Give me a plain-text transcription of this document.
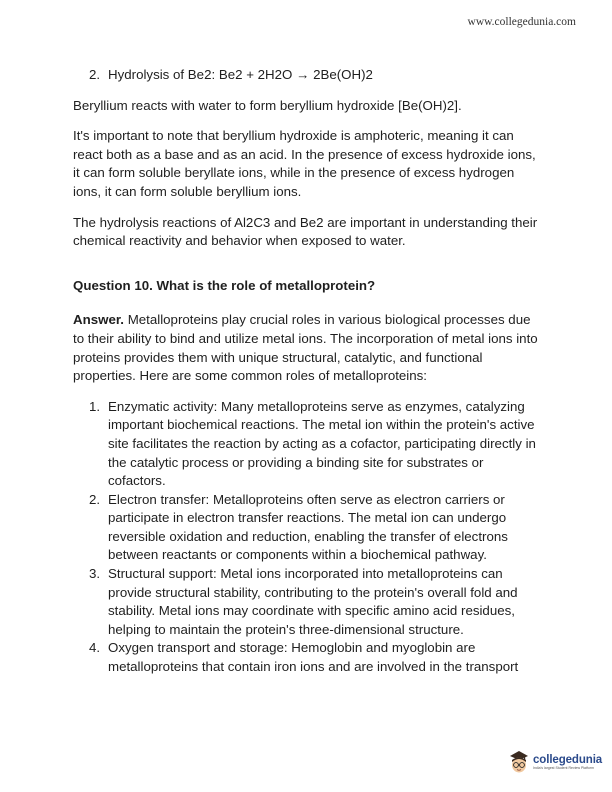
www.collegedunia.com
2. Hydrolysis of Be2: Be2 + 2H2O → 2Be(OH)2

Beryllium reacts with water to form beryllium hydroxide [Be(OH)2].

It's important to note that beryllium hydroxide is amphoteric, meaning it can react both as a base and as an acid. In the presence of excess hydroxide ions, it can form soluble beryllate ions, while in the presence of excess hydrogen ions, it can form soluble beryllium ions.

The hydrolysis reactions of Al2C3 and Be2 are important in understanding their chemical reactivity and behavior when exposed to water.

Question 10. What is the role of metalloprotein?

Answer. Metalloproteins play crucial roles in various biological processes due to their ability to bind and utilize metal ions. The incorporation of metal ions into proteins provides them with unique structural, catalytic, and functional properties. Here are some common roles of metalloproteins:

1. Enzymatic activity: Many metalloproteins serve as enzymes, catalyzing important biochemical reactions. The metal ion within the protein's active site facilitates the reaction by acting as a cofactor, participating directly in the catalytic process or providing a binding site for substrates or cofactors.
2. Electron transfer: Metalloproteins often serve as electron carriers or participate in electron transfer reactions. The metal ion can undergo reversible oxidation and reduction, enabling the transfer of electrons between reactants or components within a biochemical pathway.
3. Structural support: Metal ions incorporated into metalloproteins can provide structural stability, contributing to the protein's overall fold and stability. Metal ions may coordinate with specific amino acid residues, helping to maintain the protein's three-dimensional structure.
4. Oxygen transport and storage: Hemoglobin and myoglobin are metalloproteins that contain iron ions and are involved in the transport
collegedunia
India's largest Student Review Platform
